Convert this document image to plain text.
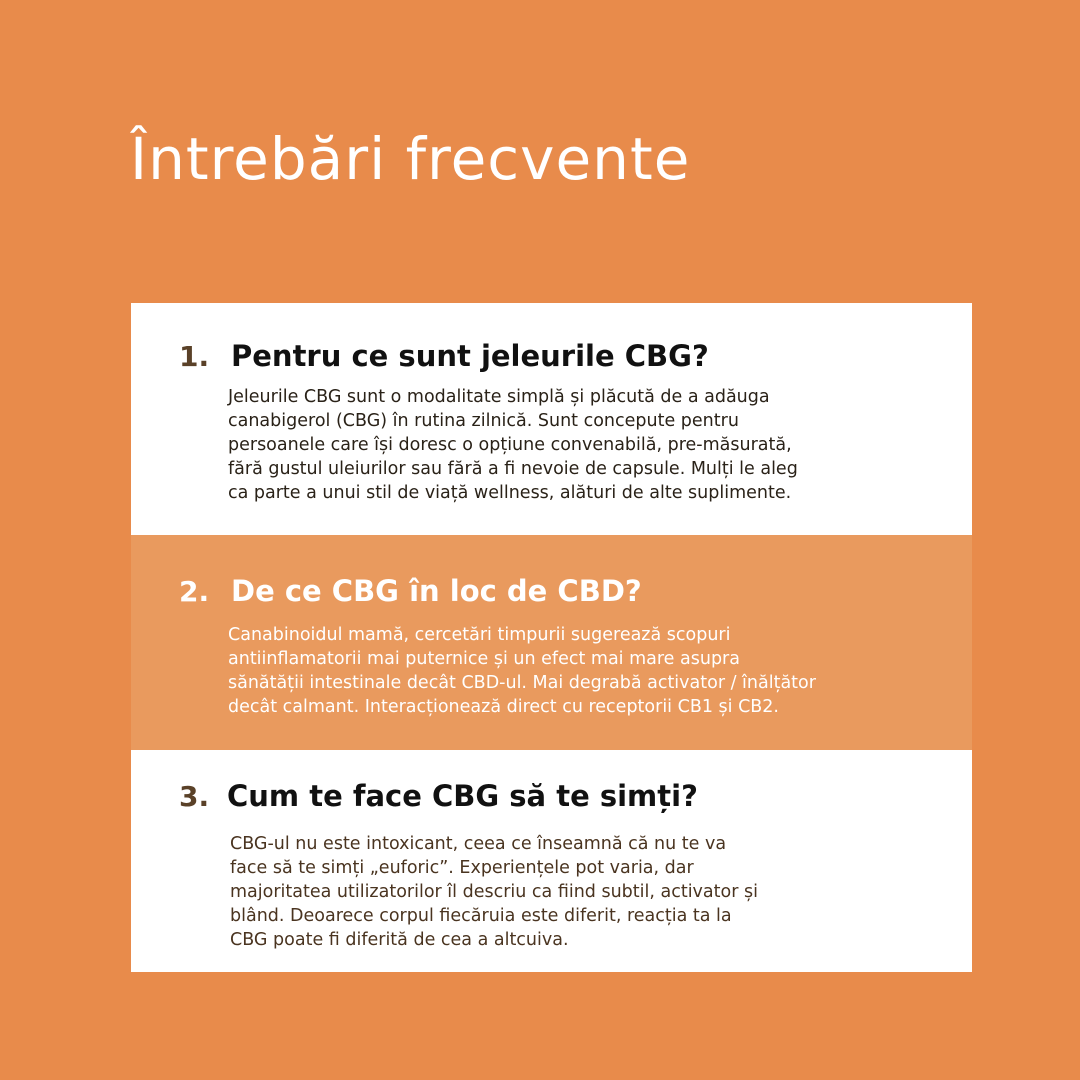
Întrebări frecvente
1. Pentru ce sunt jeleurile CBG?

Jeleurile CBG sunt o modalitate simplă și plăcută de a adăuga
canabigerol (CBG) în rutina zilnică. Sunt concepute pentru
persoanele care își doresc o opțiune convenabilă, pre-măsurată,
fără gustul uleiurilor sau fără a fi nevoie de capsule. Mulți le aleg
ca parte a unui stil de viață wellness, alături de alte suplimente.

2. De ce CBG în loc de CBD?

Canabinoidul mamă, cercetări timpurii sugerează scopuri
antiinflamatorii mai puternice și un efect mai mare asupra
sănătății intestinale decât CBD-ul. Mai degrabă activator / înălțător
decât calmant. Interacționează direct cu receptorii CB1 și CB2.

3. Cum te face CBG să te simți?

CBG-ul nu este intoxicant, ceea ce înseamnă că nu te va
face să te simți „euforic”. Experiențele pot varia, dar
majoritatea utilizatorilor îl descriu ca fiind subtil, activator și
blând. Deoarece corpul fiecăruia este diferit, reacția ta la
CBG poate fi diferită de cea a altcuiva.
